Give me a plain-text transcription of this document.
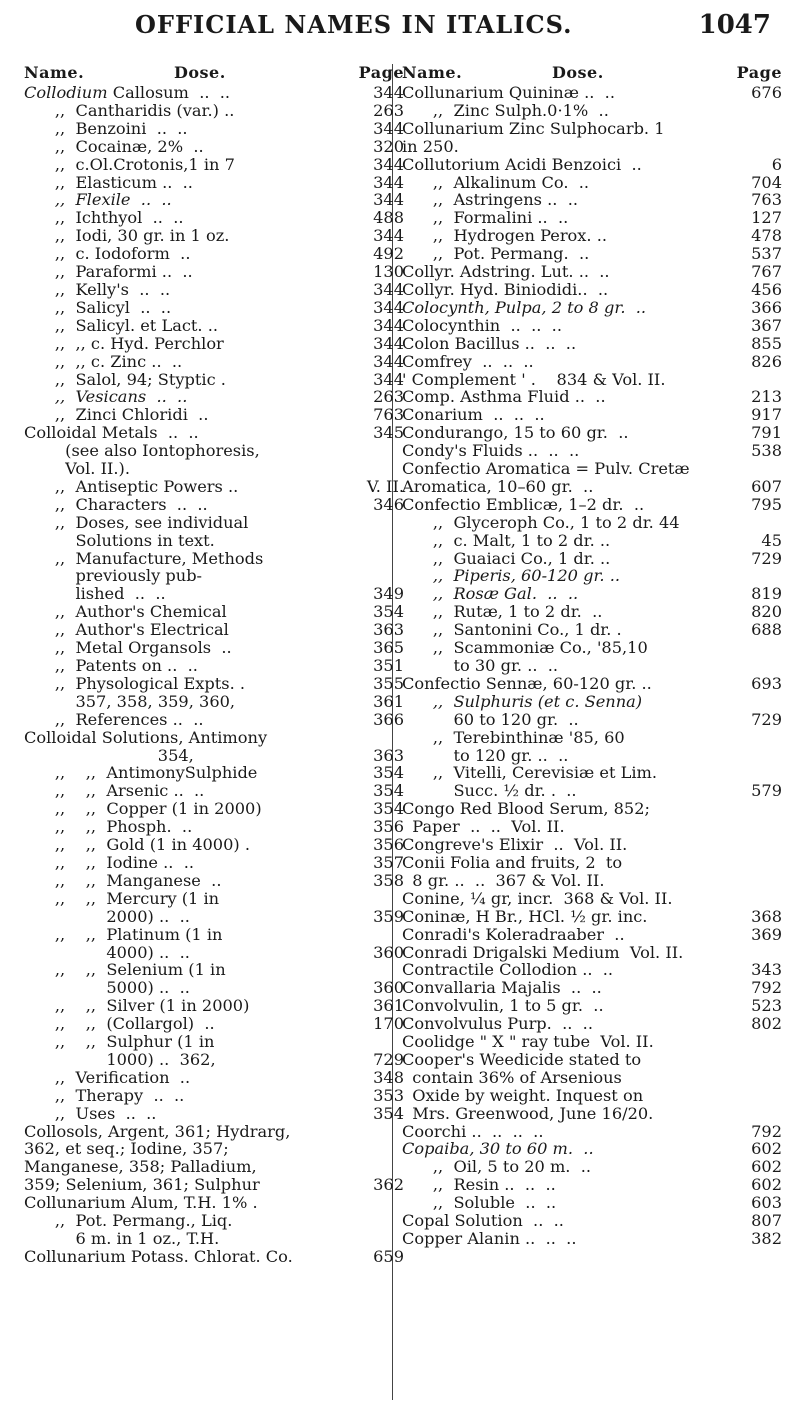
OFFICIAL NAMES IN ITALICS.	1047
Name.	Dose.	Page
Collodium Callosum  ..  ..	344
,,  Cantharidis (var.) ..	263
,,  Benzoini  ..  ..	344
,,  Cocainæ, 2%  ..	320
,,  c.Ol.Crotonis,1 in 7	344
,,  Elasticum ..  ..	344
,,  Flexile  ..  ..	344
,,  Ichthyol  ..  ..	488
,,  Iodi, 30 gr. in 1 oz.	344
,,  c. Iodoform  ..	492
,,  Paraformi ..  ..	130
,,  Kelly's  ..  ..	344
,,  Salicyl  ..  ..	344
,,  Salicyl. et Lact. ..	344
,,  ,, c. Hyd. Perchlor	344
,,  ,, c. Zinc ..  ..	344
,,  Salol, 94; Styptic .	344
,,  Vesicans  ..  ..	263
,,  Zinci Chloridi  ..	763
Colloidal Metals  ..  ..	345
(see also Iontophoresis,
Vol. II.).
,,  Antiseptic Powers ..	V. II.
,,  Characters  ..  ..	346
,,  Doses, see individual
Solutions in text.
,,  Manufacture, Methods
previously pub-
lished  ..  ..	349
,,  Author's Chemical	354
,,  Author's Electrical	363
,,  Metal Organsols  ..	365
,,  Patents on ..  ..	351
,,  Physological Expts. .	355
357, 358, 359, 360,	361
,,  References ..  ..	366
Colloidal Solutions, Antimony
354,	363
,,    ,,  AntimonySulphide	354
,,    ,,  Arsenic ..  ..	354
,,    ,,  Copper (1 in 2000)	354
,,    ,,  Phosph.  ..	356
,,    ,,  Gold (1 in 4000) .	356
,,    ,,  Iodine ..  ..	357
,,    ,,  Manganese  ..	358
,,    ,,  Mercury (1 in
2000) ..  ..	359
,,    ,,  Platinum (1 in
4000) ..  ..	360
,,    ,,  Selenium (1 in
5000) ..  ..	360
,,    ,,  Silver (1 in 2000)	361
,,    ,,  (Collargol)  ..	170
,,    ,,  Sulphur (1 in
1000) ..  362,	729
,,  Verification  ..	348
,,  Therapy  ..  ..	353
,,  Uses  ..  ..	354
Collosols, Argent, 361; Hydrarg,
362, et seq.; Iodine, 357;
Manganese, 358; Palladium,
359; Selenium, 361; Sulphur	362
Collunarium Alum, T.H. 1% .
,,  Pot. Permang., Liq.
6 m. in 1 oz., T.H.
Collunarium Potass. Chlorat. Co.	659
Name.	Dose.	Page
Collunarium Quininæ ..  ..	676
,,  Zinc Sulph.0·1%  ..
Collunarium Zinc Sulphocarb. 1
in 250.
Collutorium Acidi Benzoici  ..	6
,,  Alkalinum Co.  ..	704
,,  Astringens ..  ..	763
,,  Formalini ..  ..	127
,,  Hydrogen Perox. ..	478
,,  Pot. Permang.  ..	537
Collyr. Adstring. Lut. ..  ..	767
Collyr. Hyd. Biniodidi..  ..	456
Colocynth, Pulpa, 2 to 8 gr.  ..	366
Colocynthin  ..  ..  ..	367
Colon Bacillus ..  ..  ..	855
Comfrey  ..  ..  ..	826
' Complement ' .    834 & Vol. II.
Comp. Asthma Fluid ..  ..	213
Conarium  ..  ..  ..	917
Condurango, 15 to 60 gr.  ..	791
Condy's Fluids ..  ..  ..	538
Confectio Aromatica = Pulv. Cretæ
Aromatica, 10–60 gr.  ..	607
Confectio Emblicæ, 1–2 dr.  ..	795
,,  Glyceroph Co., 1 to 2 dr. 44
,,  c. Malt, 1 to 2 dr. ..	45
,,  Guaiaci Co., 1 dr. ..	729
,,  Piperis, 60-120 gr. ..
,,  Rosæ Gal.  ..  ..	819
,,  Rutæ, 1 to 2 dr.  ..	820
,,  Santonini Co., 1 dr. .	688
,,  Scammoniæ Co., '85,10
to 30 gr. ..  ..
Confectio Sennæ, 60-120 gr. ..	693
,,  Sulphuris (et c. Senna)
60 to 120 gr.  ..	729
,,  Terebinthinæ '85, 60
to 120 gr. ..  ..
,,  Vitelli, Cerevisiæ et Lim.
Succ. ½ dr. .  ..	579
Congo Red Blood Serum, 852;
Paper  ..  ..  Vol. II.
Congreve's Elixir  ..  Vol. II.
Conii Folia and fruits, 2  to
8 gr. ..  ..  367 & Vol. II.
Conine, ¼ gr, incr.  368 & Vol. II.
Coninæ, H Br., HCl. ½ gr. inc.	368
Conradi's Koleradraaber  ..	369
Conradi Drigalski Medium  Vol. II.
Contractile Collodion ..  ..	343
Convallaria Majalis  ..  ..	792
Convolvulin, 1 to 5 gr.  ..	523
Convolvulus Purp.  ..  ..	802
Coolidge " X " ray tube  Vol. II.
Cooper's Weedicide stated to
contain 36% of Arsenious
Oxide by weight. Inquest on
Mrs. Greenwood, June 16/20.
Coorchi ..  ..  ..  ..	792
Copaiba, 30 to 60 m.  ..	602
,,  Oil, 5 to 20 m.  ..	602
,,  Resin ..  ..  ..	602
,,  Soluble  ..  ..	603
Copal Solution  ..  ..	807
Copper Alanin ..  ..  ..	382
